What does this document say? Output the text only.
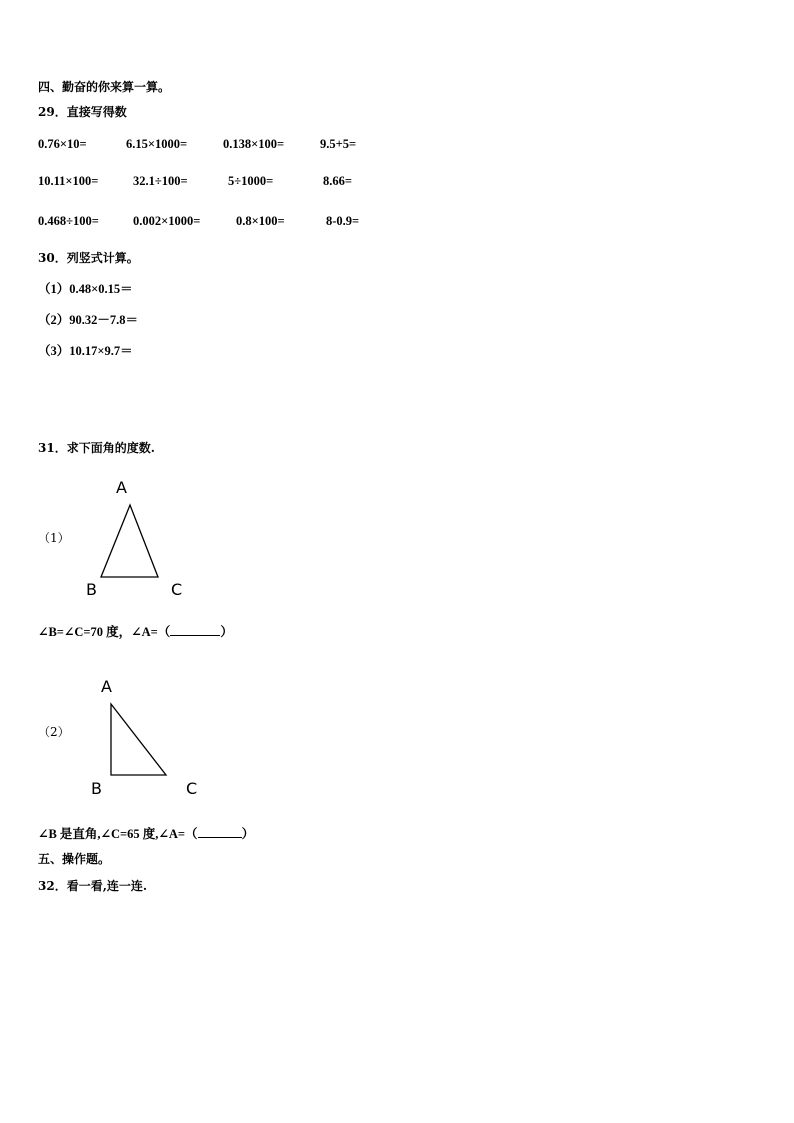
四、勤奋的你来算一算。
29．直接写得数
0.76×10=	6.15×1000=	0.138×100=	9.5+5=
10.11×100=	32.1÷100=	5÷1000=	8.66=
0.468÷100=	0.002×1000=	0.8×100=	8-0.9=
30．列竖式计算。
（1）0.48×0.15＝
（2）90.32－7.8＝
（3）10.17×9.7＝
31．求下面角的度数.
（1）
A
B	C
∠B=∠C=70 度，∠A=（	）
（2）
A
B	C
∠B 是直角,∠C=65 度,∠A=（	）
五、操作题。
32．看一看,连一连.
